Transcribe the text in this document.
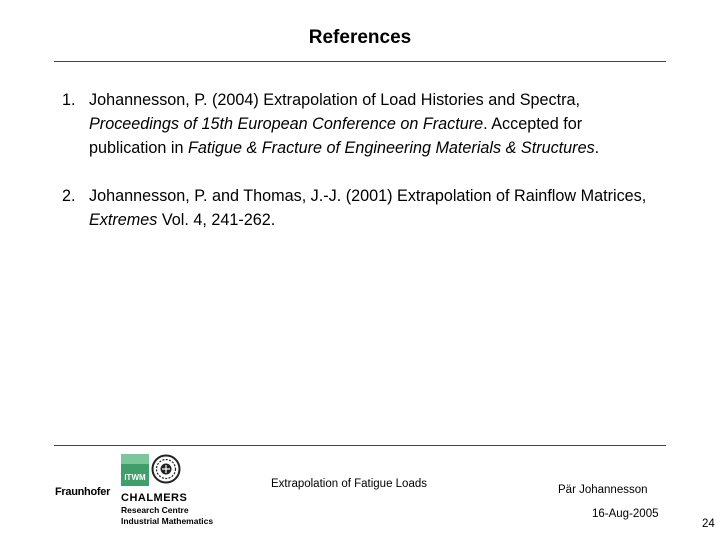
References
1. Johannesson, P. (2004) Extrapolation of Load Histories and Spectra, Proceedings of 15th European Conference on Fracture. Accepted for publication in Fatigue & Fracture of Engineering Materials & Structures.
2. Johannesson, P. and Thomas, J.-J. (2001) Extrapolation of Rainflow Matrices, Extremes Vol. 4, 241-262.
ITWM
Fraunhofer CHALMERS
Research Centre
Industrial Mathematics
Extrapolation of Fatigue Loads	Pär Johannesson
16-Aug-2005
24
